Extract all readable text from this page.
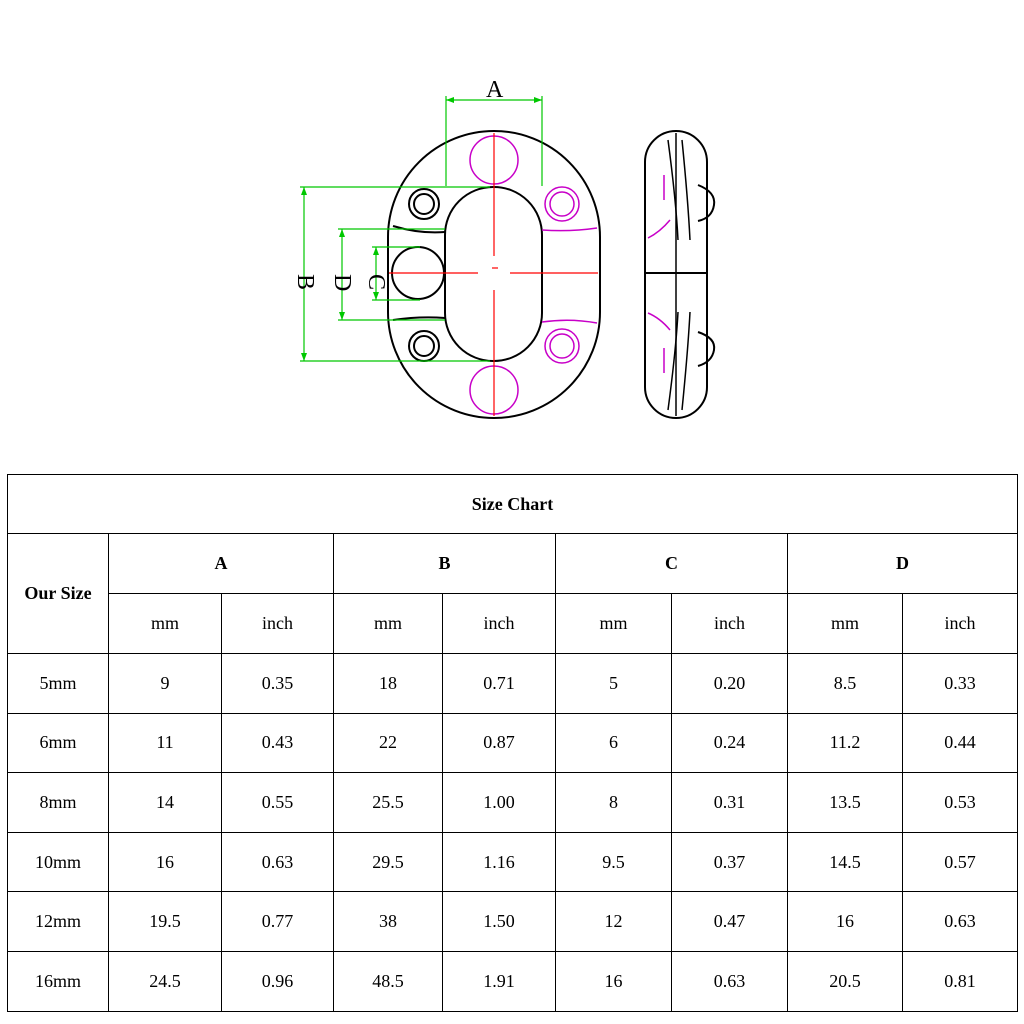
A
B D C
Size Chart								
Our Size	A		B		C		D	
	mm	inch	mm	inch	mm	inch	mm	inch
5mm	9	0.35	18	0.71	5	0.20	8.5	0.33
6mm	11	0.43	22	0.87	6	0.24	11.2	0.44
8mm	14	0.55	25.5	1.00	8	0.31	13.5	0.53
10mm	16	0.63	29.5	1.16	9.5	0.37	14.5	0.57
12mm	19.5	0.77	38	1.50	12	0.47	16	0.63
16mm	24.5	0.96	48.5	1.91	16	0.63	20.5	0.81
